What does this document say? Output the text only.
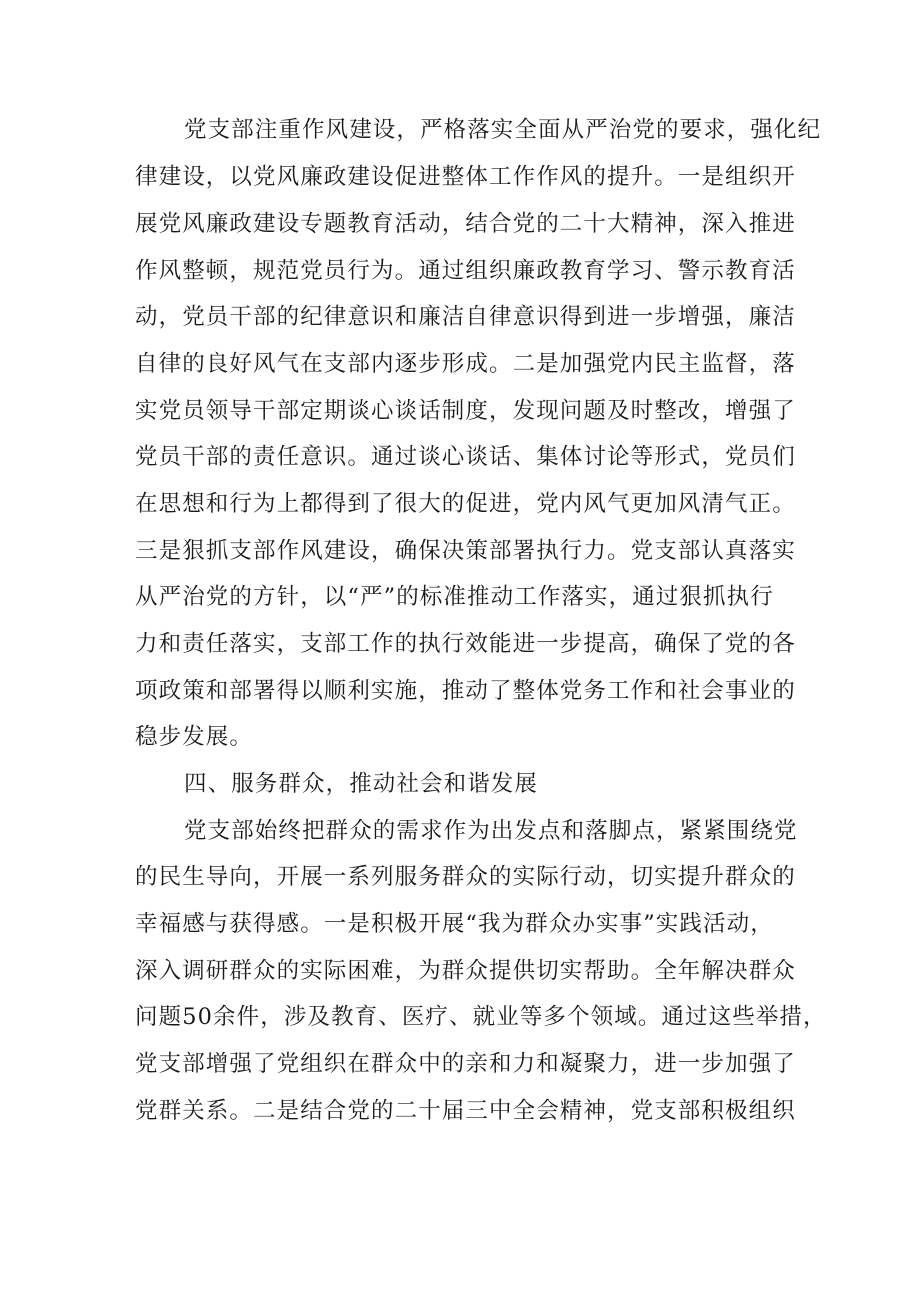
党支部注重作风建设，严格落实全面从严治党的要求，强化纪
律建设，以党风廉政建设促进整体工作作风的提升。一是组织开
展党风廉政建设专题教育活动，结合党的二十大精神，深入推进
作风整顿，规范党员行为。通过组织廉政教育学习、警示教育活
动，党员干部的纪律意识和廉洁自律意识得到进一步增强，廉洁
自律的良好风气在支部内逐步形成。二是加强党内民主监督，落
实党员领导干部定期谈心谈话制度，发现问题及时整改，增强了
党员干部的责任意识。通过谈心谈话、集体讨论等形式，党员们
在思想和行为上都得到了很大的促进，党内风气更加风清气正。
三是狠抓支部作风建设，确保决策部署执行力。党支部认真落实
从严治党的方针，以“严”的标准推动工作落实，通过狠抓执行
力和责任落实，支部工作的执行效能进一步提高，确保了党的各
项政策和部署得以顺利实施，推动了整体党务工作和社会事业的
稳步发展。
四、服务群众，推动社会和谐发展
党支部始终把群众的需求作为出发点和落脚点，紧紧围绕党
的民生导向，开展一系列服务群众的实际行动，切实提升群众的
幸福感与获得感。一是积极开展“我为群众办实事”实践活动，
深入调研群众的实际困难，为群众提供切实帮助。全年解决群众
问题50余件，涉及教育、医疗、就业等多个领域。通过这些举措，
党支部增强了党组织在群众中的亲和力和凝聚力，进一步加强了
党群关系。二是结合党的二十届三中全会精神，党支部积极组织
